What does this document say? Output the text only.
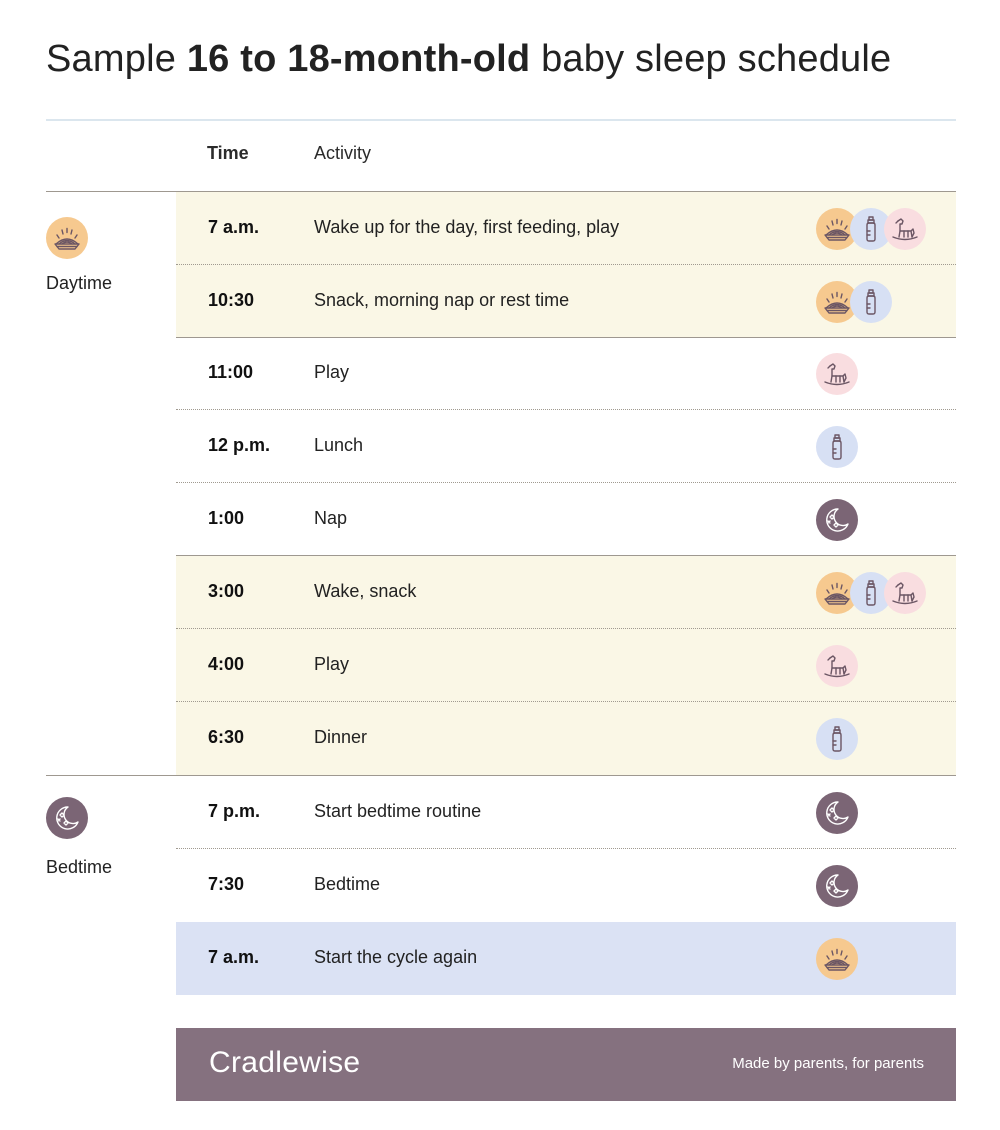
Sample 16 to 18-month-old baby sleep schedule
Time	Activity
7 a.m.	Wake up for the day, first feeding, play
10:30	Snack, morning nap or rest time
11:00	Play
12 p.m. Lunch
1:00	Nap
3:00	Wake, snack
4:00	Play
6:30	Dinner
7 p.m.	Start bedtime routine
7:30	Bedtime
7 a.m.	Start the cycle again
Daytime
Bedtime
Cradlewise	Made by parents, for parents
